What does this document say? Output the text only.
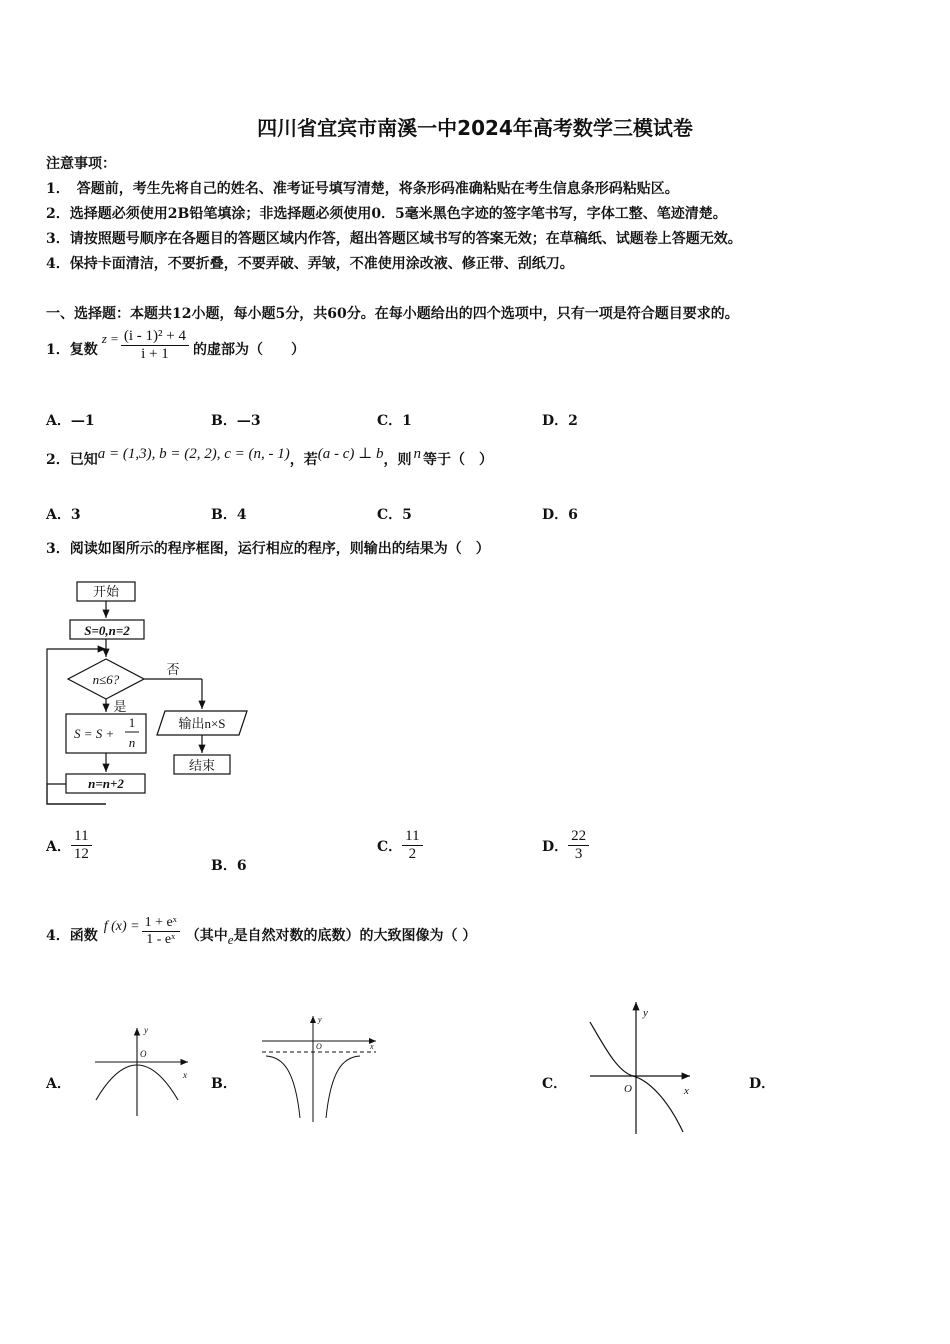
四川省宜宾市南溪一中2024年高考数学三模试卷
注意事项：
1．　答题前，考生先将自己的姓名、准考证号填写清楚，将条形码准确粘贴在考生信息条形码粘贴区。
2．选择题必须使用2B铅笔填涂；非选择题必须使用0．5毫米黑色字迹的签字笔书写，字体工整、笔迹清楚。
3．请按照题号顺序在各题目的答题区域内作答，超出答题区域书写的答案无效；在草稿纸、试题卷上答题无效。
4．保持卡面清洁，不要折叠，不要弄破、弄皱，不准使用涂改液、修正带、刮纸刀。
一、选择题：本题共12小题，每小题5分，共60分。在每小题给出的四个选项中，只有一项是符合题目要求的。
1．复数
$z = \frac{\text{(i - 1)² + 4}}{i + 1}$ 的虚部为（　　）
A．—1	B．—3	C．1	D．2
2．已知a = (1,3), b = (2, 2), c = (n, - 1)，若(a - c) ⊥ b，则 n 等于（　）
A．3	B．4	C．5	D．6
3．阅读如图所示的程序框图，运行相应的程序，则输出的结果为（　）
开始
S=0,n=2
n≤6?
否
是
S = S +
1
n
n=n+2
输出n×S
结束
A． $\frac{11}{12}$
B．6
C． $\frac{11}{2}$	D． $\frac{22}{3}$
4．函数
f $(x) = \frac{\text{1 + eˣ}}{\text{1 - eˣ}}$ （其中 e 是自然对数的底数）的大致图像为（ ）
A．	B．	C．	D．
y
x
O
y
x
O
y
x
O
